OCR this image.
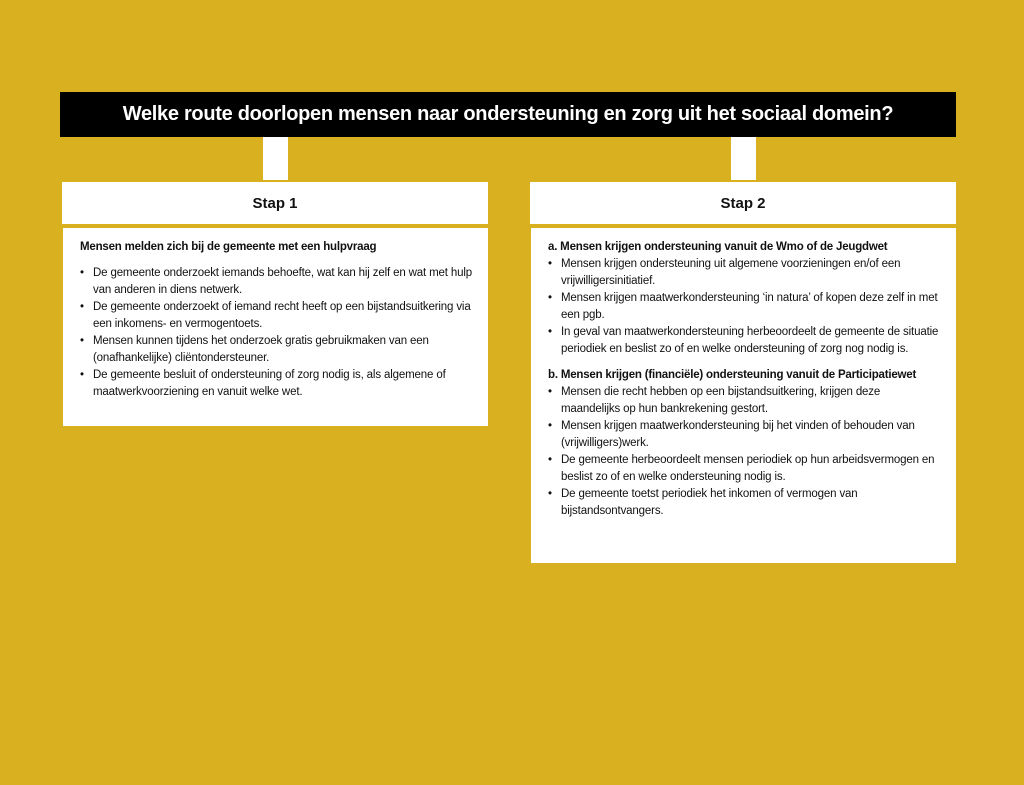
Welke route doorlopen mensen naar ondersteuning en zorg uit het sociaal domein?
Stap 1	Stap 2
Mensen melden zich bij de gemeente met een hulpvraag
• De gemeente onderzoekt iemands behoefte, wat kan hij zelf en wat met hulp van anderen in diens netwerk.
• De gemeente onderzoekt of iemand recht heeft op een bijstandsuitkering via een inkomens- en vermogentoets.
• Mensen kunnen tijdens het onderzoek gratis gebruikmaken van een (onafhankelijke) cliëntondersteuner.
• De gemeente besluit of ondersteuning of zorg nodig is, als algemene of maatwerkvoorziening en vanuit welke wet.
a. Mensen krijgen ondersteuning vanuit de Wmo of de Jeugdwet
• Mensen krijgen ondersteuning uit algemene voorzieningen en/of een vrijwilligersinitiatief.
• Mensen krijgen maatwerkondersteuning ‘in natura’ of kopen deze zelf in met een pgb.
• In geval van maatwerkondersteuning herbeoordeelt de gemeente de situatie periodiek en beslist zo of en welke ondersteuning of zorg nog nodig is.
b. Mensen krijgen (financiële) ondersteuning vanuit de Participatiewet
• Mensen die recht hebben op een bijstandsuitkering, krijgen deze maandelijks op hun bankrekening gestort.
• Mensen krijgen maatwerkondersteuning bij het vinden of behouden van (vrijwilligers)werk.
• De gemeente herbeoordeelt mensen periodiek op hun arbeidsvermogen en beslist zo of en welke ondersteuning nodig is.
• De gemeente toetst periodiek het inkomen of vermogen van bijstandsontvangers.
